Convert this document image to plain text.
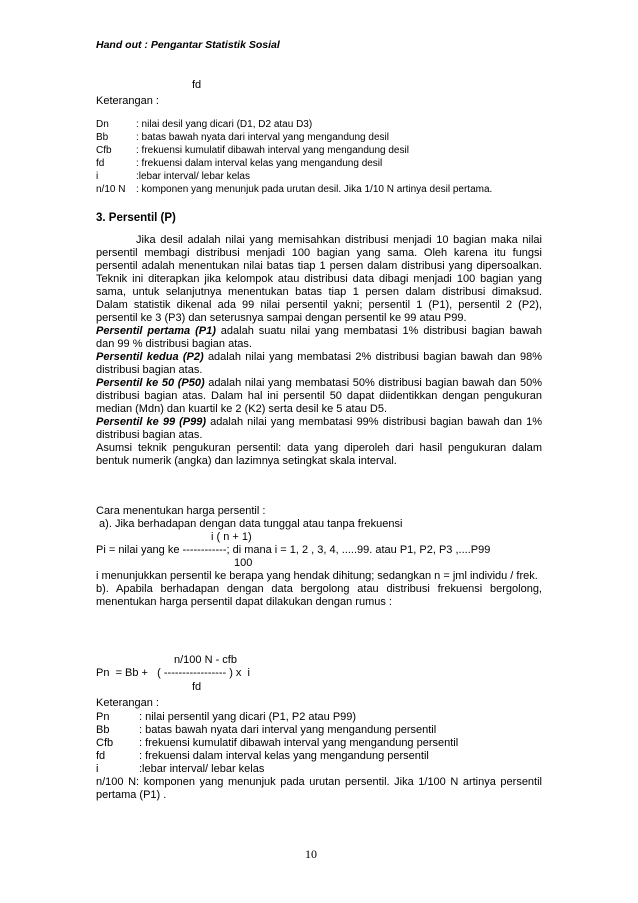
Hand out : Pengantar Statistik Sosial
fd
Keterangan :
Dn	: nilai desil yang dicari (D1, D2 atau D3)
Bb	: batas bawah nyata dari interval yang mengandung desil
Cfb : frekuensi kumulatif dibawah interval yang mengandung desil
fd	: frekuensi dalam interval kelas yang mengandung desil
i	:lebar interval/ lebar kelas
n/10 N : komponen yang menunjuk pada urutan desil. Jika 1/10 N artinya desil pertama.
3. Persentil (P)

Jika desil adalah nilai yang memisahkan distribusi menjadi 10 bagian maka nilai persentil membagi distribusi menjadi 100 bagian yang sama. Oleh karena itu fungsi persentil adalah menentukan nilai batas tiap 1 persen dalam distribusi yang dipersoalkan. Teknik ini diterapkan jika kelompok atau distribusi data dibagi menjadi 100 bagian yang sama, untuk selanjutnya menentukan batas tiap 1 persen dalam distribusi dimaksud. Dalam statistik dikenal ada 99 nilai persentil yakni; persentil 1 (P1), persentil 2 (P2), persentil ke 3 (P3) dan seterusnya sampai dengan persentil ke 99 atau P99.

Persentil pertama (P1) adalah suatu nilai yang membatasi 1% distribusi bagian bawah dan 99 % distribusi bagian atas.

Persentil kedua (P2) adalah nilai yang membatasi 2% distribusi bagian bawah dan 98% distribusi bagian atas.

Persentil ke 50 (P50) adalah nilai yang membatasi 50% distribusi bagian bawah dan 50% distribusi bagian atas. Dalam hal ini persentil 50 dapat diidentikkan dengan pengukuran median (Mdn) dan kuartil ke 2 (K2) serta desil ke 5 atau D5.

Persentil ke 99 (P99) adalah nilai yang membatasi 99% distribusi bagian bawah dan 1% distribusi bagian atas.

Asumsi teknik pengukuran persentil: data yang diperoleh dari hasil pengukuran dalam bentuk numerik (angka) dan lazimnya setingkat skala interval.

Cara menentukan harga persentil :

a). Jika berhadapan dengan data tunggal atau tanpa frekuensi

i ( n + 1)

Pi = nilai yang ke ------------; di mana i = 1, 2 , 3, 4, .....99. atau P1, P2, P3 ,....P99

100

i menunjukkan persentil ke berapa yang hendak dihitung; sedangkan n = jml individu / frek.

b). Apabila berhadapan dengan data bergolong atau distribusi frekuensi bergolong, menentukan harga persentil dapat dilakukan dengan rumus :

n/100 N - cfb
Pn  = Bb +   ( ----------------- ) x  i
fd
Keterangan :
Pn	: nilai persentil yang dicari (P1, P2 atau P99)
Bb	: batas bawah nyata dari interval yang mengandung persentil
Cfb : frekuensi kumulatif dibawah interval yang mengandung persentil
fd	: frekuensi dalam interval kelas yang mengandung persentil
i	:lebar interval/ lebar kelas

n/100 N: komponen yang menunjuk pada urutan persentil. Jika 1/100 N artinya persentil pertama (P1) .

10
